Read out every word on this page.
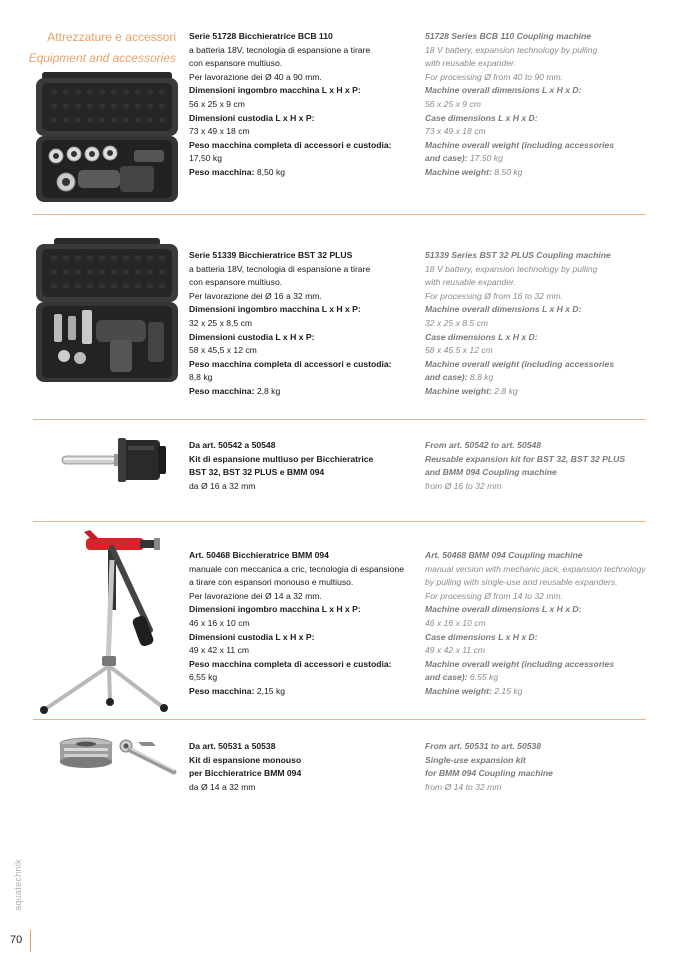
Attrezzature e accessori
Equipment and accessories
Serie 51728 Bicchieratrice BCB 110
a batteria 18V, tecnologia di espansione a tirare
con espansore multiuso.
Per lavorazione dei Ø 40 a 90 mm.
Dimensioni ingombro macchina L x H x P:
56 x 25 x 9 cm
Dimensioni custodia L x H x P:
73 x 49 x 18 cm
Peso macchina completa di accessori e custodia:
17,50 kg
Peso macchina: 8,50 kg
51728 Series BCB 110 Coupling machine
18 V battery, expansion technology by pulling
with reusable expander.
For processing Ø from 40 to 90 mm.
Machine overall dimensions L x H x D:
56 x 25 x 9 cm
Case dimensions L x H x D:
73 x 49 x 18 cm
Machine overall weight (including accessories
and case): 17.50 kg
Machine weight: 8.50 kg
Serie 51339 Bicchieratrice BST 32 PLUS
a batteria 18V, tecnologia di espansione a tirare
con espansore multiuso.
Per lavorazione dei Ø 16 a 32 mm.
Dimensioni ingombro macchina L x H x P:
32 x 25 x 8,5 cm
Dimensioni custodia L x H x P:
58 x 45,5 x 12 cm
Peso macchina completa di accessori e custodia:
8,8 kg
Peso macchina: 2,8 kg
51339 Series BST 32 PLUS Coupling machine
18 V battery, expansion technology by pulling
with reusable expander.
For processing Ø from 16 to 32 mm.
Machine overall dimensions L x H x D:
32 x 25 x 8.5 cm
Case dimensions L x H x D:
58 x 45.5 x 12 cm
Machine overall weight (including accessories
and case): 8.8 kg
Machine weight: 2.8 kg
Da art. 50542 a 50548
Kit di espansione multiuso per Bicchieratrice
BST 32, BST 32 PLUS e BMM 094
da Ø 16 a 32 mm
From art. 50542 to art. 50548
Reusable expansion kit for BST 32, BST 32 PLUS
and BMM 094 Coupling machine
from Ø 16 to 32 mm
Art. 50468 Bicchieratrice BMM 094
manuale con meccanica a cric, tecnologia di espansione
a tirare con espansori monouso e multiuso.
Per lavorazione dei Ø 14 a 32 mm.
Dimensioni ingombro macchina L x H x P:
46 x 16 x 10 cm
Dimensioni custodia L x H x P:
49 x 42 x 11 cm
Peso macchina completa di accessori e custodia:
6,55 kg
Peso macchina: 2,15 kg
Art. 50468 BMM 094 Coupling machine
manual version with mechanic jack, expansion technology
by pulling with single-use and reusable expanders.
For processing Ø from 14 to 32 mm.
Machine overall dimensions L x H x D:
46 x 16 x 10 cm
Case dimensions L x H x D:
49 x 42 x 11 cm
Machine overall weight (including accessories
and case): 6.55 kg
Machine weight: 2.15 kg
Da art. 50531 a 50538
Kit di espansione monouso
per Bicchieratrice BMM 094
da Ø 14 a 32 mm
From art. 50531 to art. 50538
Single-use expansion kit
for BMM 094 Coupling machine
from Ø 14 to 32 mm
aquatechnik
70
